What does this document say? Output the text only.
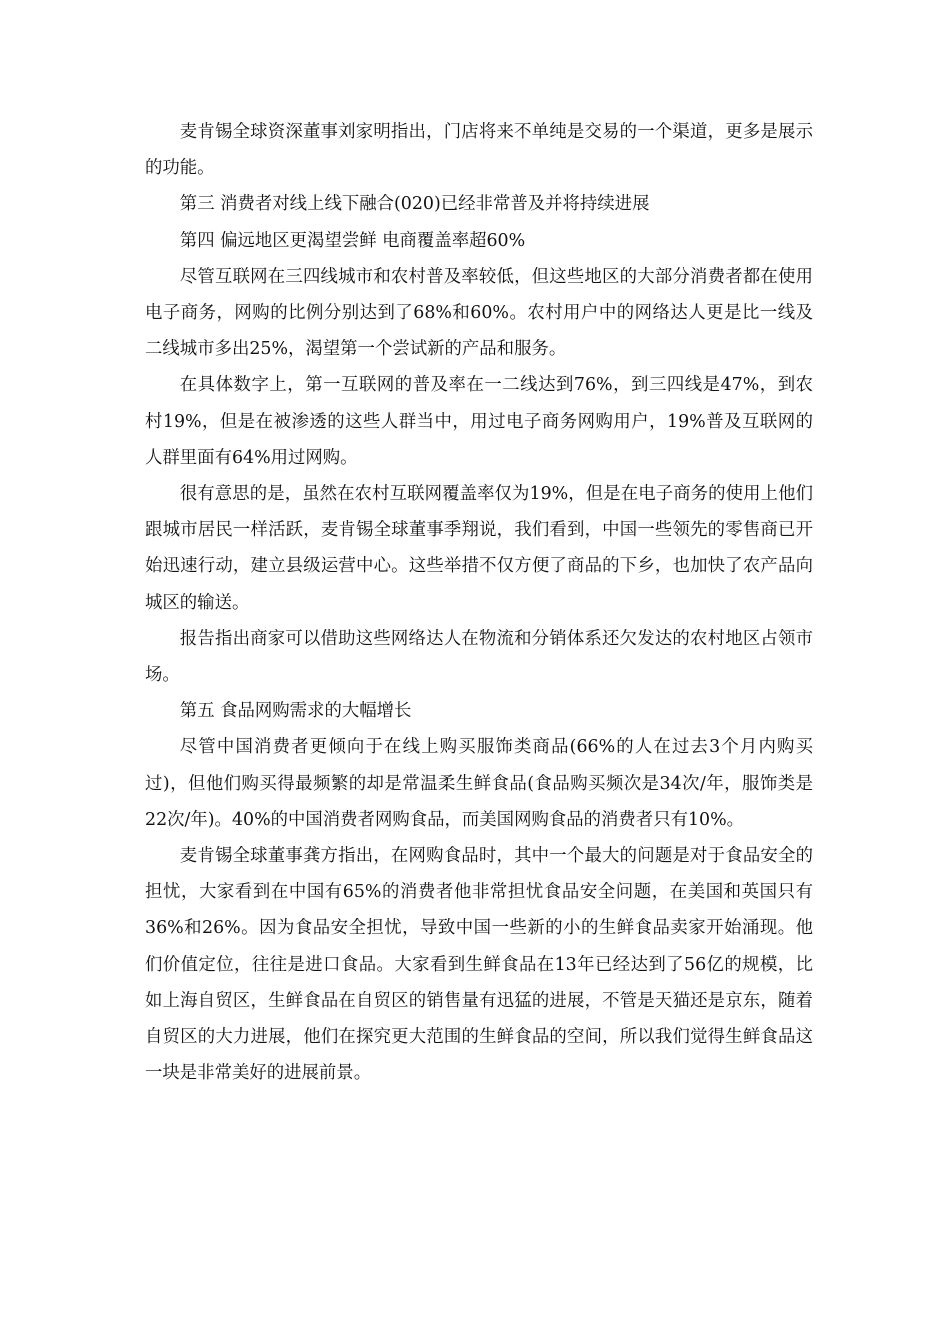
麦肯锡全球资深董事刘家明指出，门店将来不单纯是交易的一个渠道，更多是展示的功能。

第三 消费者对线上线下融合(020)已经非常普及并将持续进展

第四 偏远地区更渴望尝鲜 电商覆盖率超60%

尽管互联网在三四线城市和农村普及率较低，但这些地区的大部分消费者都在使用电子商务，网购的比例分别达到了68%和60%。农村用户中的网络达人更是比一线及二线城市多出25%，渴望第一个尝试新的产品和服务。

在具体数字上，第一互联网的普及率在一二线达到76%，到三四线是47%，到农村19%，但是在被渗透的这些人群当中，用过电子商务网购用户，19%普及互联网的人群里面有64%用过网购。

很有意思的是，虽然在农村互联网覆盖率仅为19%，但是在电子商务的使用上他们跟城市居民一样活跃，麦肯锡全球董事季翔说，我们看到，中国一些领先的零售商已开始迅速行动，建立县级运营中心。这些举措不仅方便了商品的下乡，也加快了农产品向城区的输送。

报告指出商家可以借助这些网络达人在物流和分销体系还欠发达的农村地区占领市场。

第五 食品网购需求的大幅增长

尽管中国消费者更倾向于在线上购买服饰类商品(66%的人在过去3个月内购买过)，但他们购买得最频繁的却是常温柔生鲜食品(食品购买频次是34次/年，服饰类是22次/年)。40%的中国消费者网购食品，而美国网购食品的消费者只有10%。

麦肯锡全球董事龚方指出，在网购食品时，其中一个最大的问题是对于食品安全的担忧，大家看到在中国有65%的消费者他非常担忧食品安全问题，在美国和英国只有36%和26%。因为食品安全担忧，导致中国一些新的小的生鲜食品卖家开始涌现。他们价值定位，往往是进口食品。大家看到生鲜食品在13年已经达到了56亿的规模，比如上海自贸区，生鲜食品在自贸区的销售量有迅猛的进展，不管是天猫还是京东，随着自贸区的大力进展，他们在探究更大范围的生鲜食品的空间，所以我们觉得生鲜食品这一块是非常美好的进展前景。
